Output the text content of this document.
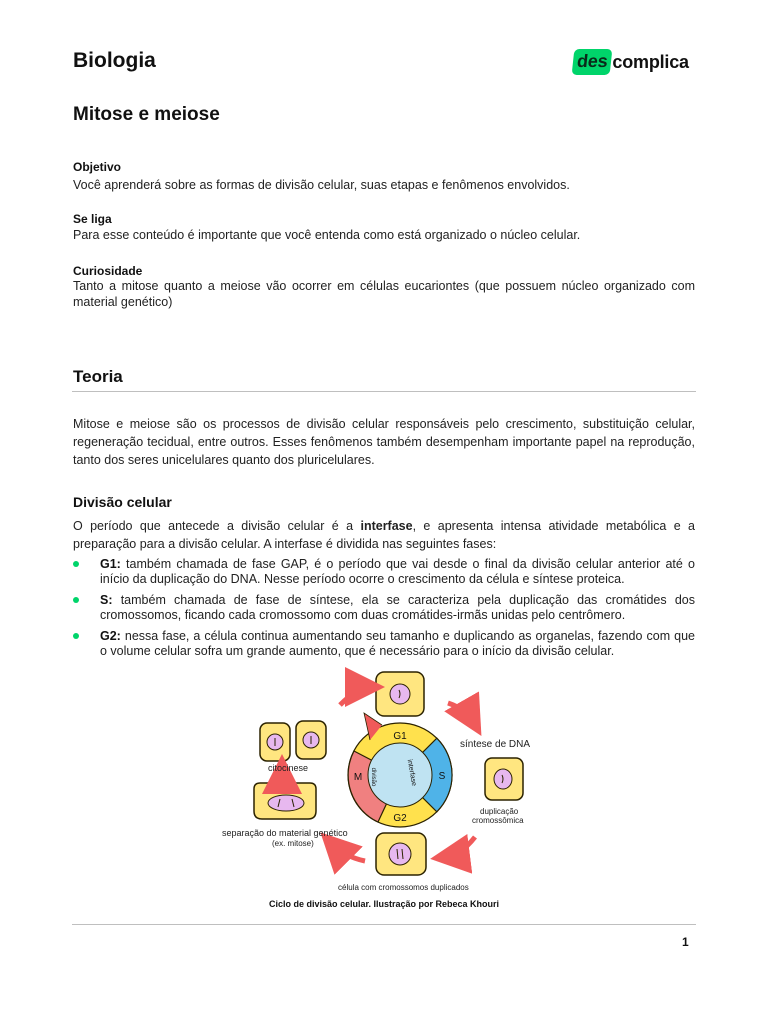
Biologia	des complica
Mitose e meiose
Objetivo
Você aprenderá sobre as formas de divisão celular, suas etapas e fenômenos envolvidos.
Se liga
Para esse conteúdo é importante que você entenda como está organizado o núcleo celular.
Curiosidade
Tanto a mitose quanto a meiose vão ocorrer em células eucariontes (que possuem núcleo organizado com
material genético)
Teoria
Mitose e meiose são os processos de divisão celular responsáveis pelo crescimento, substituição celular, regeneração tecidual, entre outros. Esses fenômenos também desempenham importante papel na reprodução, tanto dos seres unicelulares quanto dos pluricelulares.
Divisão celular
O período que antecede a divisão celular é a interfase, e apresenta intensa atividade metabólica e a preparação para a divisão celular. A interfase é dividida nas seguintes fases:
G1: também chamada de fase GAP, é o período que vai desde o final da divisão celular anterior até o início da duplicação do DNA. Nesse período ocorre o crescimento da célula e síntese proteica.
S: também chamada de fase de síntese, ela se caracteriza pela duplicação das cromátides dos cromossomos, ficando cada cromossomo com duas cromátides-irmãs unidas pelo centrômero.
G2: nessa fase, a célula continua aumentando seu tamanho e duplicando as organelas, fazendo com que o volume celular sofra um grande aumento, que é necessário para o início da divisão celular.
G1
S
G2
M	interfase
divisão
síntese de DNA
duplicação
cromossômica
citocinese
separação do material genético
(ex. mitose)
célula com cromossomos duplicados
Ciclo de divisão celular. Ilustração por Rebeca Khouri
1
